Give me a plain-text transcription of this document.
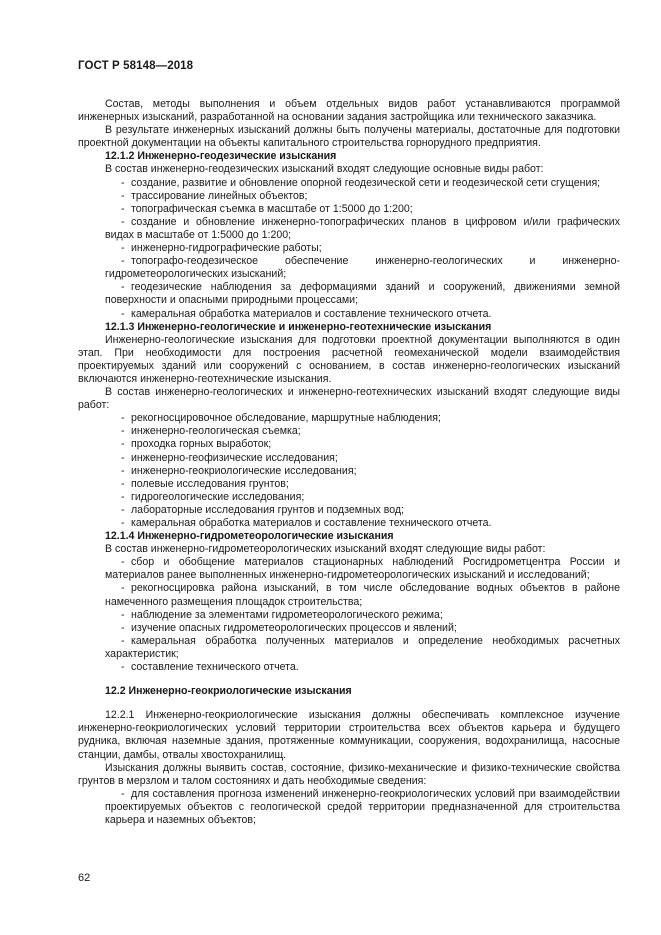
ГОСТ Р 58148—2018

Состав, методы выполнения и объем отдельных видов работ устанавливаются программой инженерных изысканий, разработанной на основании задания застройщика или технического заказчика.

В результате инженерных изысканий должны быть получены материалы, достаточные для подготовки проектной документации на объекты капитального строительства горнорудного предприятия.

12.1.2 Инженерно-геодезические изыскания

В состав инженерно-геодезических изысканий входят следующие основные виды работ:

- создание, развитие и обновление опорной геодезической сети и геодезической сети сгущения;

- трассирование линейных объектов;

- топографическая съемка в масштабе от 1:5000 до 1:200;

- создание и обновление инженерно-топографических планов в цифровом и/или графических видах в масштабе от 1:5000 до 1:200;

- инженерно-гидрографические работы;

- топографо-геодезическое обеспечение инженерно-геологических и инженерно-гидрометеорологических изысканий;

- геодезические наблюдения за деформациями зданий и сооружений, движениями земной поверхности и опасными природными процессами;

- камеральная обработка материалов и составление технического отчета.

12.1.3 Инженерно-геологические и инженерно-геотехнические изыскания

Инженерно-геологические изыскания для подготовки проектной документации выполняются в один этап. При необходимости для построения расчетной геомеханической модели взаимодействия проектируемых зданий или сооружений с основанием, в состав инженерно-геологических изысканий включаются инженерно-геотехнические изыскания.

В состав инженерно-геологических и инженерно-геотехнических изысканий входят следующие виды работ:

- рекогносцировочное обследование, маршрутные наблюдения;

- инженерно-геологическая съемка;

- проходка горных выработок;

- инженерно-геофизические исследования;

- инженерно-геокриологические исследования;

- полевые исследования грунтов;

- гидрогеологические исследования;

- лабораторные исследования грунтов и подземных вод;

- камеральная обработка материалов и составление технического отчета.

12.1.4 Инженерно-гидрометеорологические изыскания

В состав инженерно-гидрометеорологических изысканий входят следующие виды работ:

- сбор и обобщение материалов стационарных наблюдений Росгидрометцентра России и материалов ранее выполненных инженерно-гидрометеорологических изысканий и исследований;

- рекогносцировка района изысканий, в том числе обследование водных объектов в районе намеченного размещения площадок строительства;

- наблюдение за элементами гидрометеорологического режима;

- изучение опасных гидрометеорологических процессов и явлений;

- камеральная обработка полученных материалов и определение необходимых расчетных характеристик;

- составление технического отчета.

12.2 Инженерно-геокриологические изыскания

12.2.1 Инженерно-геокриологические изыскания должны обеспечивать комплексное изучение инженерно-геокриологических условий территории строительства всех объектов карьера и будущего рудника, включая наземные здания, протяженные коммуникации, сооружения, водохранилища, насосные станции, дамбы, отвалы хвостохранилищ.

Изыскания должны выявить состав, состояние, физико-механические и физико-технические свойства грунтов в мерзлом и талом состояниях и дать необходимые сведения:

- для составления прогноза изменений инженерно-геокриологических условий при взаимодействии проектируемых объектов с геологической средой территории предназначенной для строительства карьера и наземных объектов;

62
